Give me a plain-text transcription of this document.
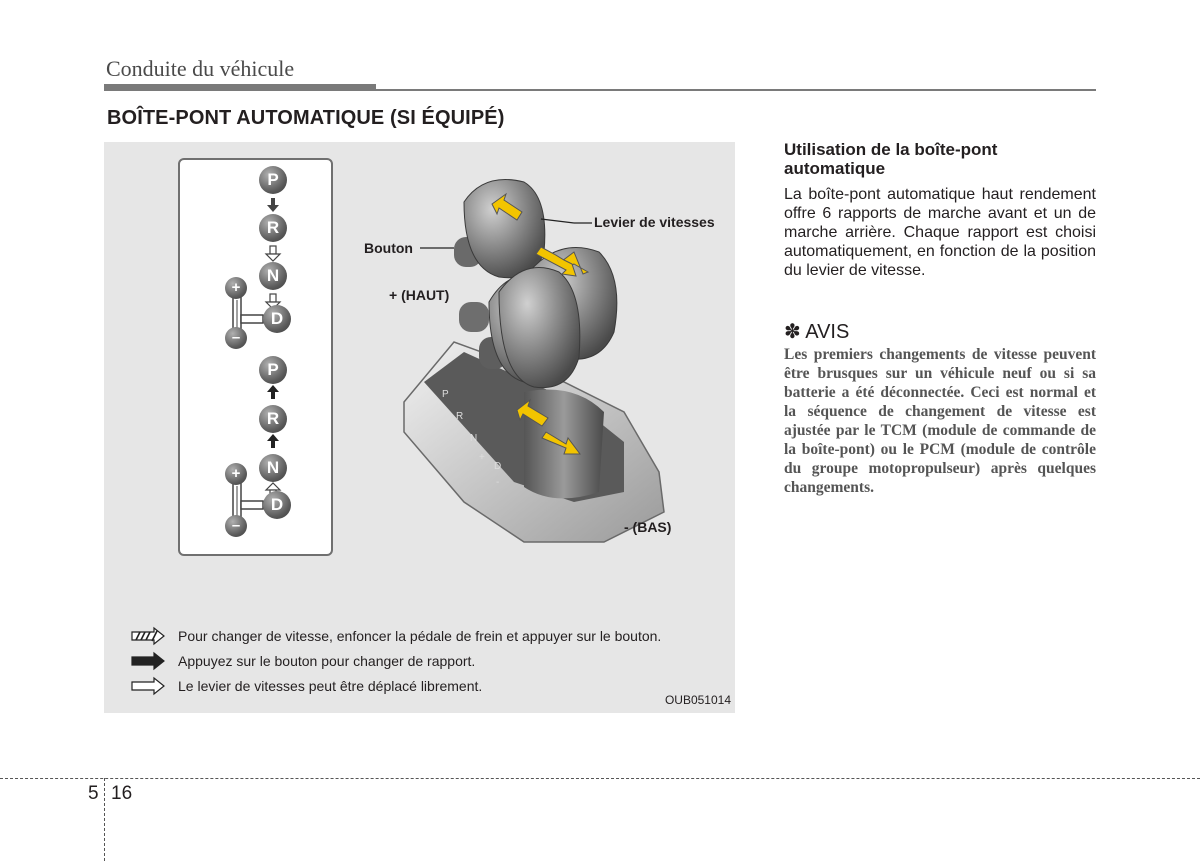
Conduite du véhicule
BOÎTE-PONT AUTOMATIQUE (SI ÉQUIPÉ)
P
R
N
D
+
–
P
R
N
D
+
–
P
R
N
+
D
-
Levier de vitesses
Bouton
+ (HAUT)
- (BAS)
Pour changer de vitesse, enfoncer la pédale de frein et appuyer sur le bouton.
Appuyez sur le bouton pour changer de rapport.
Le levier de vitesses peut être déplacé librement.
OUB051014
Utilisation de la boîte-pont automatique
La boîte-pont automatique haut rendement offre 6 rapports de marche avant et un de marche arrière. Chaque rapport est choisi automatiquement, en fonction de la position du levier de vitesse.
✽ AVIS
Les premiers changements de vitesse peuvent être brusques sur un véhicule neuf ou si sa batterie a été déconnectée. Ceci est normal et la séquence de changement de vitesse est ajustée par le TCM (module de commande de la boîte-pont) ou le PCM (module de contrôle du groupe motopropulseur) après quelques changements.
5 16
